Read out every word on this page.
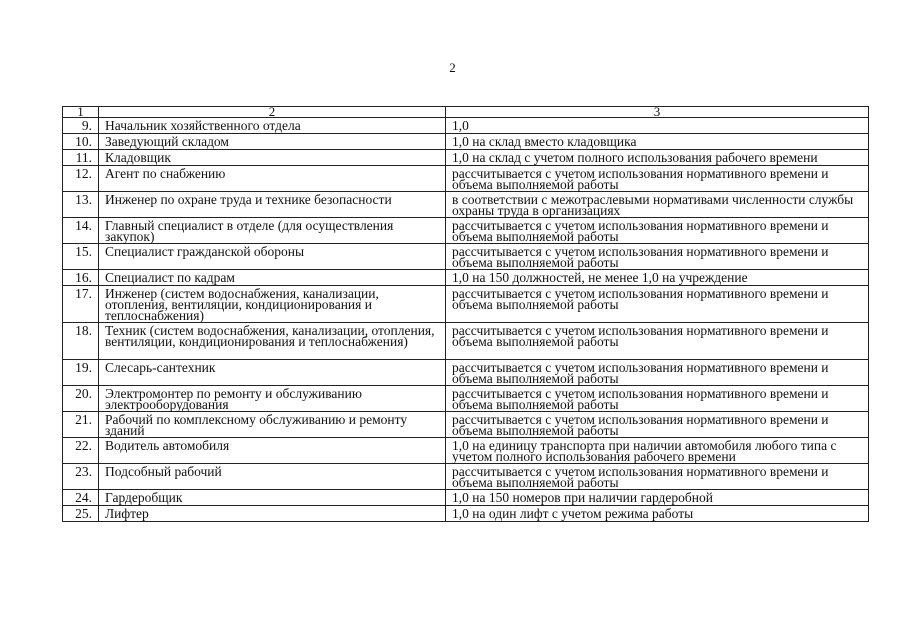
2
1	2	3
9.	Начальник хозяйственного отдела	1,0
10.	Заведующий складом	1,0 на склад вместо кладовщика
11.	Кладовщик	1,0 на склад с учетом полного использования рабочего времени
12.	Агент по снабжению	рассчитывается с учетом использования нормативного времени и объема выполняемой работы
13.	Инженер по охране труда и технике безопасности	в соответствии с межотраслевыми нормативами численности службы охраны труда в организациях
14.	Главный специалист в отделе (для осуществления закупок)	рассчитывается с учетом использования нормативного времени и объема выполняемой работы
15.	Специалист гражданской обороны	рассчитывается с учетом использования нормативного времени и объема выполняемой работы
16.	Специалист по кадрам	1,0 на 150 должностей, не менее 1,0 на учреждение
17.	Инженер (систем водоснабжения, канализации, отопления, вентиляции, кондиционирования и теплоснабжения)	рассчитывается с учетом использования нормативного времени и объема выполняемой работы
18.	Техник (систем водоснабжения, канализации, отопления, вентиляции, кондиционирования и теплоснабжения)	рассчитывается с учетом использования нормативного времени и объема выполняемой работы
19.	Слесарь-сантехник	рассчитывается с учетом использования нормативного времени и объема выполняемой работы
20.	Электромонтер по ремонту и обслуживанию электрооборудования	рассчитывается с учетом использования нормативного времени и объема выполняемой работы
21.	Рабочий по комплексному обслуживанию и ремонту зданий	рассчитывается с учетом использования нормативного времени и объема выполняемой работы
22.	Водитель автомобиля	1,0 на единицу транспорта при наличии автомобиля любого типа с учетом полного использования рабочего времени
23.	Подсобный рабочий	рассчитывается с учетом использования нормативного времени и объема выполняемой работы
24.	Гардеробщик	1,0 на 150 номеров при наличии гардеробной
25.	Лифтер	1,0 на один лифт с учетом режима работы
